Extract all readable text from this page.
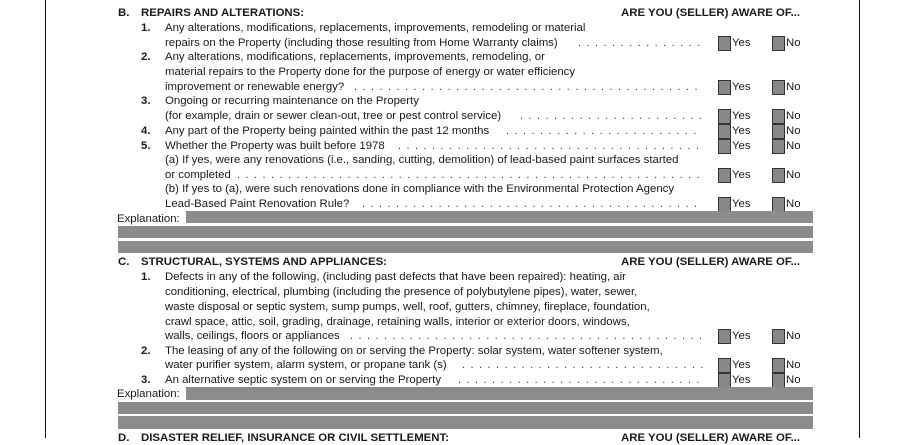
B. REPAIRS AND ALTERATIONS:	ARE YOU (SELLER) AWARE OF...
1. Any alterations, modifications, replacements, improvements, remodeling or material
repairs on the Property (including those resulting from Home Warranty claims) . . . . . . . . . . . . . . .	Yes	No
2. Any alterations, modifications, replacements, improvements, remodeling, or
material repairs to the Property done for the purpose of energy or water efficiency
improvement or renewable energy? . . . . . . . . . . . . . . . . . . . . . . . . . . . . . . . . . . . . . . . . .	Yes	No
3. Ongoing or recurring maintenance on the Property
(for example, drain or sewer clean-out, tree or pest control service) . . . . . . . . . . . . . . . . . . . . . .	Yes	No
4. Any part of the Property being painted within the past 12 months . . . . . . . . . . . . . . . . . . . . . . .	Yes	No
5. Whether the Property was built before 1978 . . . . . . . . . . . . . . . . . . . . . . . . . . . . . . . . . . . .	Yes	No
(a) If yes, were any renovations (i.e., sanding, cutting, demolition) of lead-based paint surfaces started
or completed . . . . . . . . . . . . . . . . . . . . . . . . . . . . . . . . . . . . . . . . . . . . . . . . . . . . . . .	Yes	No
(b) If yes to (a), were such renovations done in compliance with the Environmental Protection Agency
Lead-Based Paint Renovation Rule? . . . . . . . . . . . . . . . . . . . . . . . . . . . . . . . . . . . . . . . .	Yes	No
Explanation:
C. STRUCTURAL, SYSTEMS AND APPLIANCES:	ARE YOU (SELLER) AWARE OF...
1. Defects in any of the following, (including past defects that have been repaired): heating, air
conditioning, electrical, plumbing (including the presence of polybutylene pipes), water, sewer,
waste disposal or septic system, sump pumps, well, roof, gutters, chimney, fireplace, foundation,
crawl space, attic, soil, grading, drainage, retaining walls, interior or exterior doors, windows,
walls, ceilings, floors or appliances . . . . . . . . . . . . . . . . . . . . . . . . . . . . . . . . . . . . . . . . . .	Yes	No
2. The leasing of any of the following on or serving the Property: solar system, water softener system,
water purifier system, alarm system, or propane tank (s) . . . . . . . . . . . . . . . . . . . . . . . . . . . . . Yes	No
3. An alternative septic system on or serving the Property . . . . . . . . . . . . . . . . . . . . . . . . . . . . .	Yes	No
Explanation:
D. DISASTER RELIEF, INSURANCE OR CIVIL SETTLEMENT:	ARE YOU (SELLER) AWARE OF...
